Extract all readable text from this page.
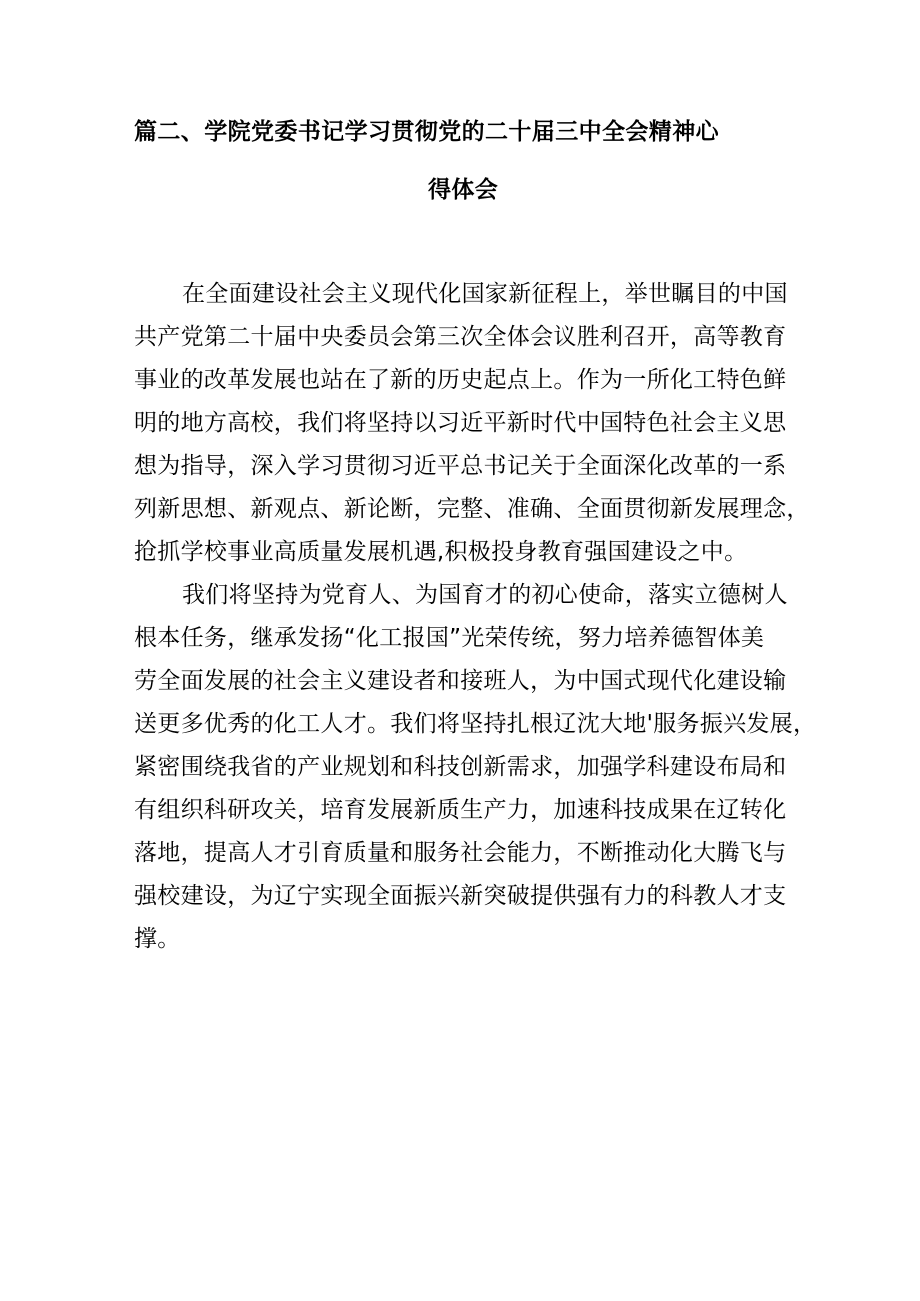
篇二、学院党委书记学习贯彻党的二十届三中全会精神心
得体会
在全面建设社会主义现代化国家新征程上，举世瞩目的中国
共产党第二十届中央委员会第三次全体会议胜利召开，高等教育
事业的改革发展也站在了新的历史起点上。作为一所化工特色鲜
明的地方高校，我们将坚持以习近平新时代中国特色社会主义思
想为指导，深入学习贯彻习近平总书记关于全面深化改革的一系
列新思想、新观点、新论断，完整、准确、全面贯彻新发展理念，
抢抓学校事业高质量发展机遇,积极投身教育强国建设之中。
我们将坚持为党育人、为国育才的初心使命，落实立德树人
根本任务，继承发扬“化工报国”光荣传统，努力培养德智体美
劳全面发展的社会主义建设者和接班人，为中国式现代化建设输
送更多优秀的化工人才。我们将坚持扎根辽沈大地'服务振兴发展，
紧密围绕我省的产业规划和科技创新需求，加强学科建设布局和
有组织科研攻关，培育发展新质生产力，加速科技成果在辽转化
落地，提高人才引育质量和服务社会能力，不断推动化大腾飞与
强校建设，为辽宁实现全面振兴新突破提供强有力的科教人才支
撑。
